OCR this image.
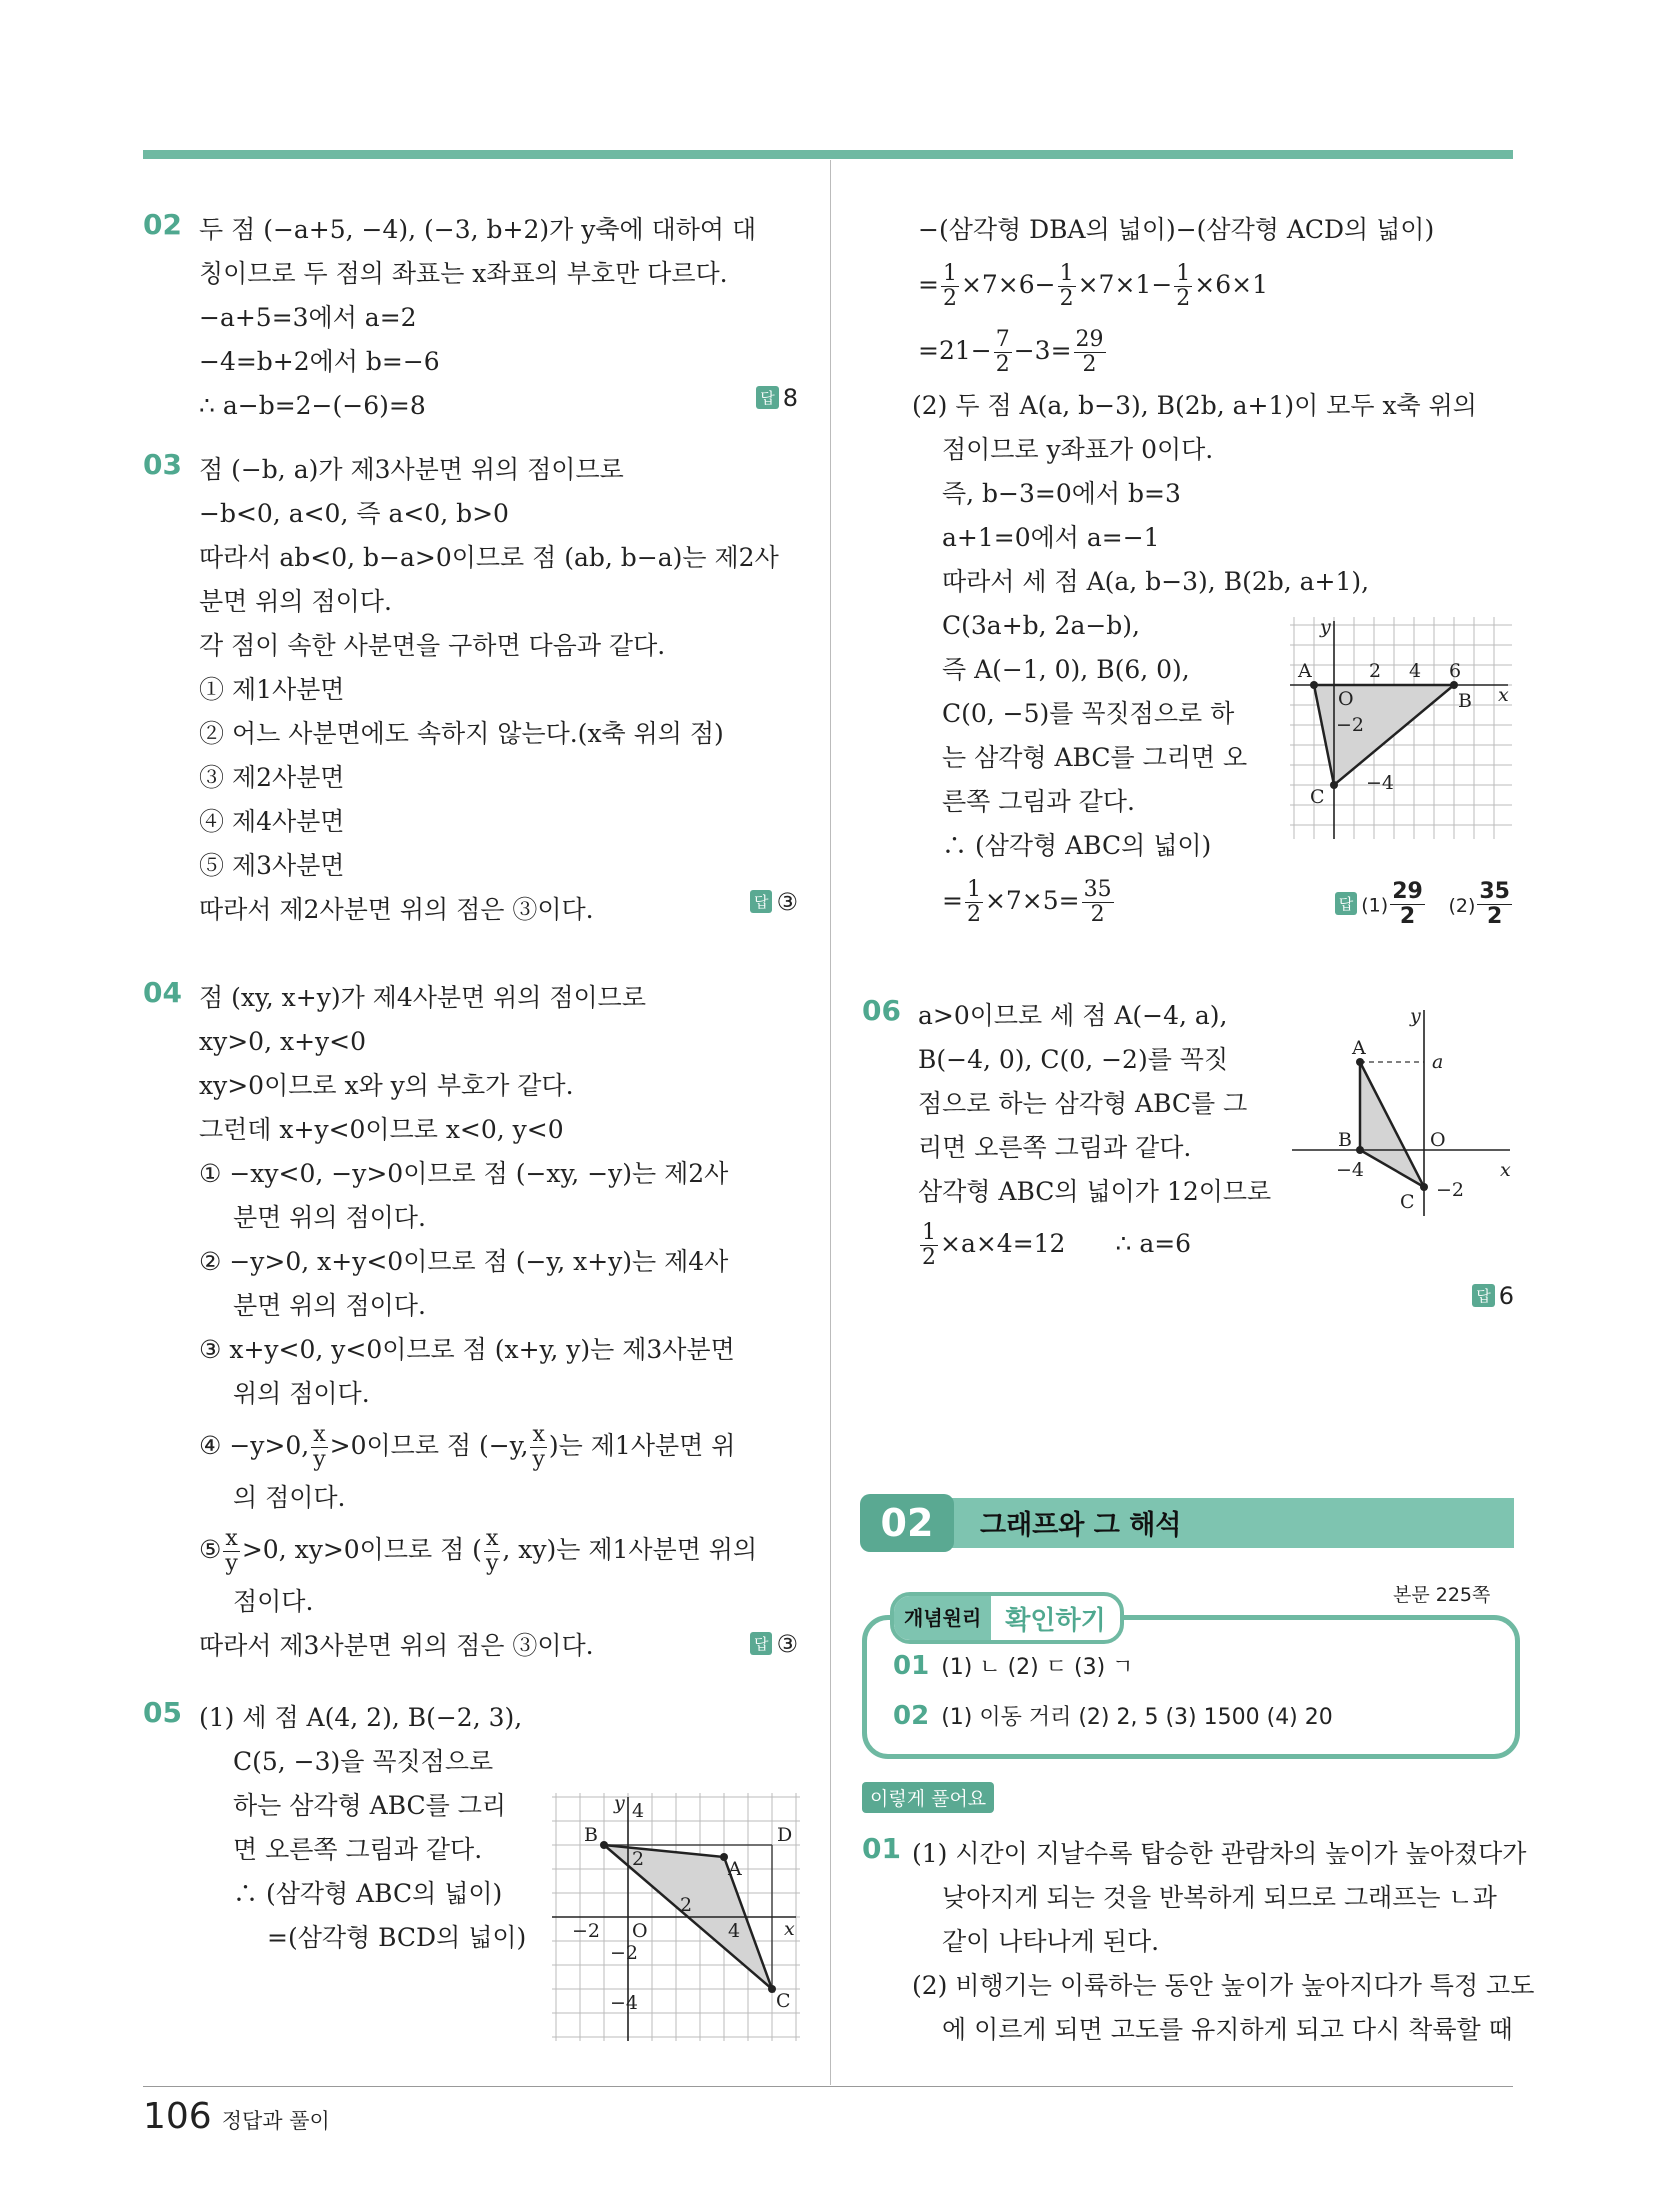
02 두 점 (−a+5, −4), (−3, b+2)가 y축에 대하여 대
칭이므로 두 점의 좌표는 x좌표의 부호만 다르다.
−a+5=3에서 a=2
−4=b+2에서 b=−6
∴ a−b=2−(−6)=8	답 8
03 점 (−b, a)가 제3사분면 위의 점이므로
−b<0, a<0, 즉 a<0, b>0
따라서 ab<0, b−a>0이므로 점 (ab, b−a)는 제2사
분면 위의 점이다.
각 점이 속한 사분면을 구하면 다음과 같다.
① 제1사분면
② 어느 사분면에도 속하지 않는다.(x축 위의 점)
③ 제2사분면
④ 제4사분면
⑤ 제3사분면
따라서 제2사분면 위의 점은 ③이다.	답 ③
04 점 (xy, x+y)가 제4사분면 위의 점이므로
xy>0, x+y<0
xy>0이므로 x와 y의 부호가 같다.
그런데 x+y<0이므로 x<0, y<0
① −xy<0, −y>0이므로 점 (−xy, −y)는 제2사
분면 위의 점이다.
② −y>0, x+y<0이므로 점 (−y, x+y)는 제4사
분면 위의 점이다.
③ x+y<0, y<0이므로 점 (x+y, y)는 제3사분면
위의 점이다.
④ −y>0, $\frac{x}{y} >0$이므로 점 (−y, $\frac{x}{y}$ )는 제1사분면 위
의 점이다.
⑤ $\frac{x}{y} >0$, xy>0이므로 점 ( $\frac{x}{y}$ , xy)는 제1사분면 위의
점이다.
따라서 제3사분면 위의 점은 ③이다.	답 ③
05 (1) 세 점 A(4, 2), B(−2, 3),
C(5, −3)을 꼭짓점으로
하는 삼각형 ABC를 그리
면 오른쪽 그림과 같다.
∴ (삼각형 ABC의 넓이)
=(삼각형 BCD의 넓이)
B	D
A
C
O	x
y 4
2
−2
2
4
−2
−4
−(삼각형 DBA의 넓이)−(삼각형 ACD의 넓이)
= $\frac{1}{2} \times 7\times 6- \frac{1}{2} \times 7\times 1- \frac{1}{2} \times 6\times 1$
$=21- \frac{7}{2} -3= \frac{29}{2}$
(2) 두 점 A(a, b−3), B(2b, a+1)이 모두 x축 위의
점이므로 y좌표가 0이다.
즉, b−3=0에서 b=3
a+1=0에서 a=−1
따라서 세 점 A(a, b−3), B(2b, a+1),
C(3a+b, 2a−b),
즉 A(−1, 0), B(6, 0),
C(0, −5)를 꼭짓점으로 하
는 삼각형 ABC를 그리면 오
른쪽 그림과 같다.
∴ (삼각형 ABC의 넓이)
= $\frac{1}{2} \times 7\times 5= \frac{35}{2}$	답 $(1) \frac{29}{2} (2) \frac{35}{2}$
06 a>0이므로 세 점 A(−4, a),
B(−4, 0), C(0, −2)를 꼭짓
점으로 하는 삼각형 ABC를 그
리면 오른쪽 그림과 같다.
삼각형 ABC의 넓이가 12이므로
$\frac{1}{2} \times a\times 4=12$ ∴ a=6
답 6
A
B
C
O	x
y
2 4 6
−2
−4
A
B
C
O
a
x
y
−4
−2
02	그래프와 그 해석
본문 225쪽
개념원리 확인하기
01 (1) ㄴ (2) ㄷ (3) ㄱ
02 (1) 이동 거리 (2) 2, 5 (3) 1500 (4) 20
이렇게 풀어요
01 (1) 시간이 지날수록 탑승한 관람차의 높이가 높아졌다가
낮아지게 되는 것을 반복하게 되므로 그래프는 ㄴ과
같이 나타나게 된다.
(2) 비행기는 이륙하는 동안 높이가 높아지다가 특정 고도
에 이르게 되면 고도를 유지하게 되고 다시 착륙할 때
106 정답과 풀이
